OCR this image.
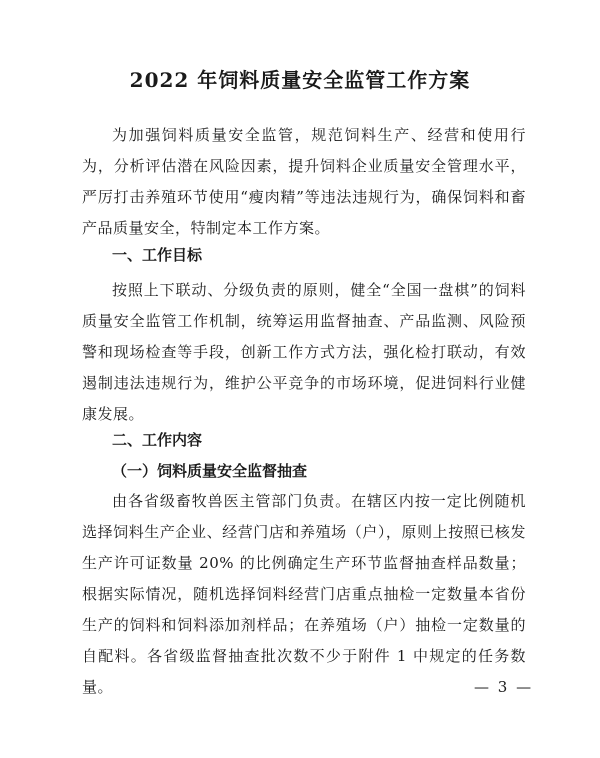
2022 年饲料质量安全监管工作方案
为加强饲料质量安全监管，规范饲料生产、经营和使用行为，分析评估潜在风险因素，提升饲料企业质量安全管理水平，严厉打击养殖环节使用“瘦肉精”等违法违规行为，确保饲料和畜产品质量安全，特制定本工作方案。
一、工作目标
按照上下联动、分级负责的原则，健全“全国一盘棋”的饲料质量安全监管工作机制，统筹运用监督抽查、产品监测、风险预警和现场检查等手段，创新工作方式方法，强化检打联动，有效遏制违法违规行为，维护公平竞争的市场环境，促进饲料行业健康发展。
二、工作内容
（一）饲料质量安全监督抽查
由各省级畜牧兽医主管部门负责。在辖区内按一定比例随机选择饲料生产企业、经营门店和养殖场（户），原则上按照已核发生产许可证数量 20% 的比例确定生产环节监督抽查样品数量；根据实际情况，随机选择饲料经营门店重点抽检一定数量本省份生产的饲料和饲料添加剂样品；在养殖场（户）抽检一定数量的自配料。各省级监督抽查批次数不少于附件 1 中规定的任务数量。	— 3 —
